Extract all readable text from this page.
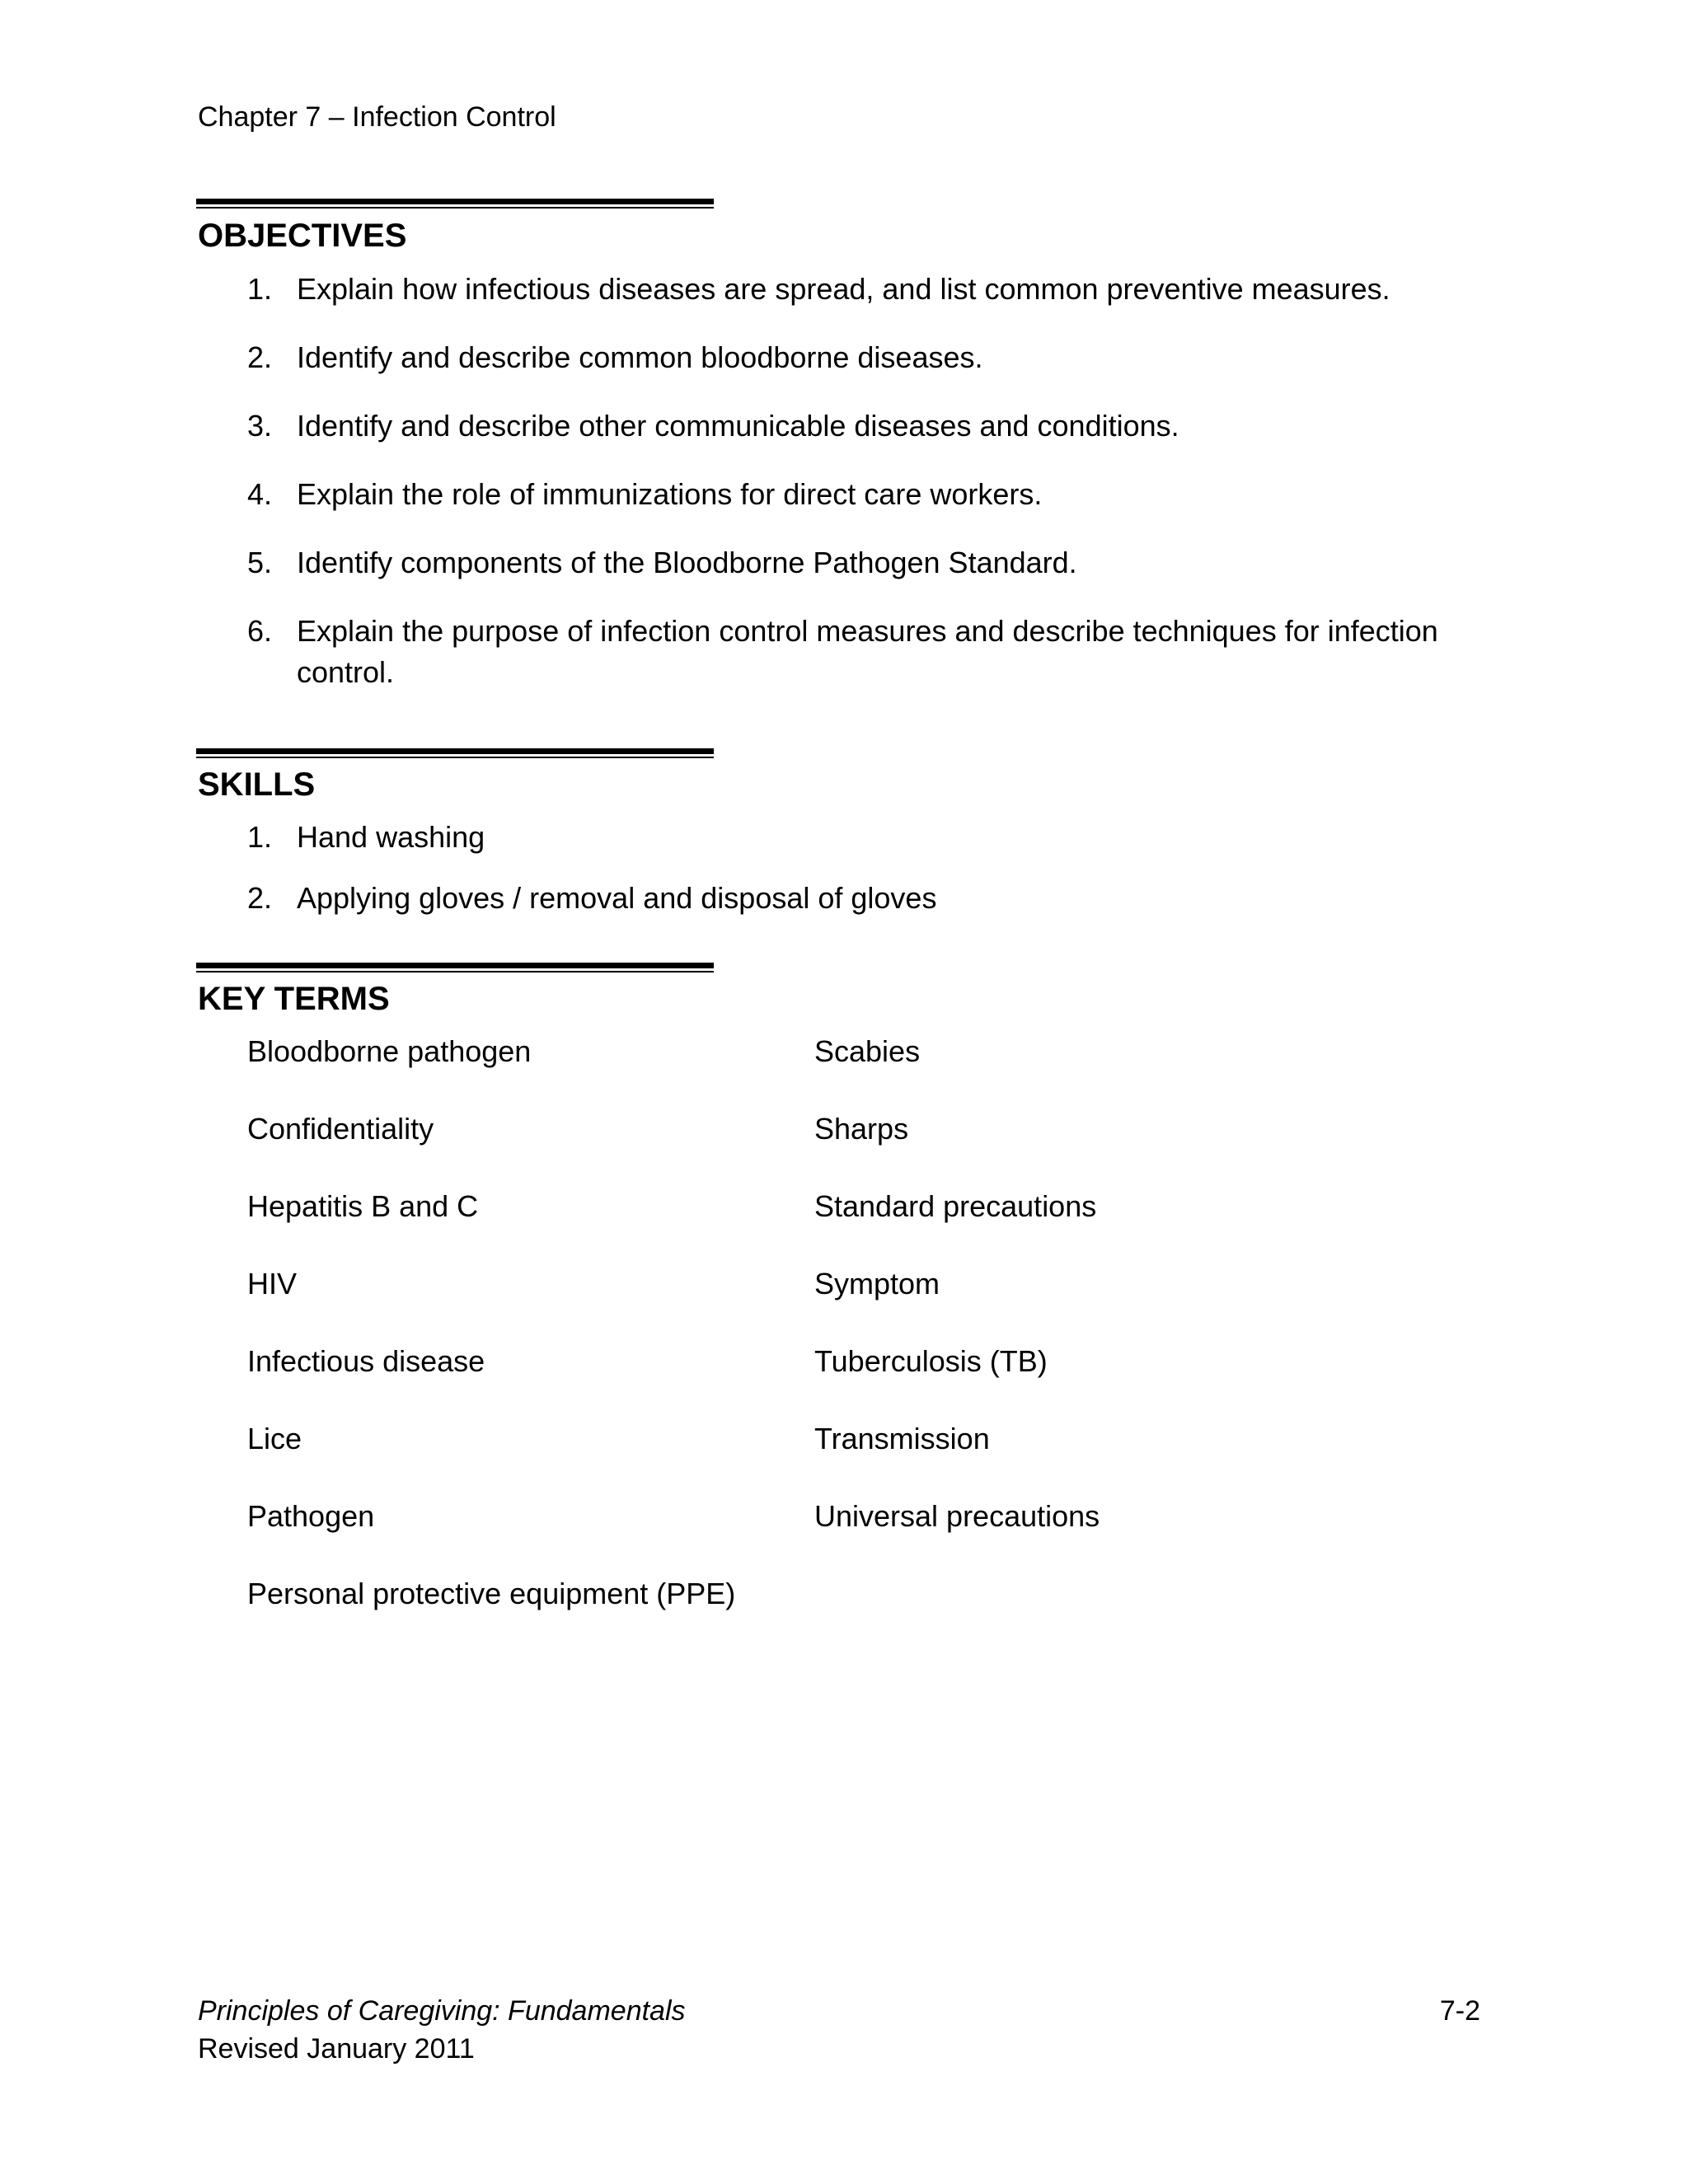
Chapter 7 – Infection Control
OBJECTIVES
1. Explain how infectious diseases are spread, and list common preventive measures.
2. Identify and describe common bloodborne diseases.
3. Identify and describe other communicable diseases and conditions.
4. Explain the role of immunizations for direct care workers.
5. Identify components of the Bloodborne Pathogen Standard.
6. Explain the purpose of infection control measures and describe techniques for infection control.
SKILLS
1. Hand washing
2. Applying gloves / removal and disposal of gloves
KEY TERMS
Bloodborne pathogen	Scabies
Confidentiality	Sharps
Hepatitis B and C	Standard precautions
HIV	Symptom
Infectious disease	Tuberculosis (TB)
Lice	Transmission
Pathogen	Universal precautions
Personal protective equipment (PPE)
Principles of Caregiving: Fundamentals
Revised January 2011
7-2
